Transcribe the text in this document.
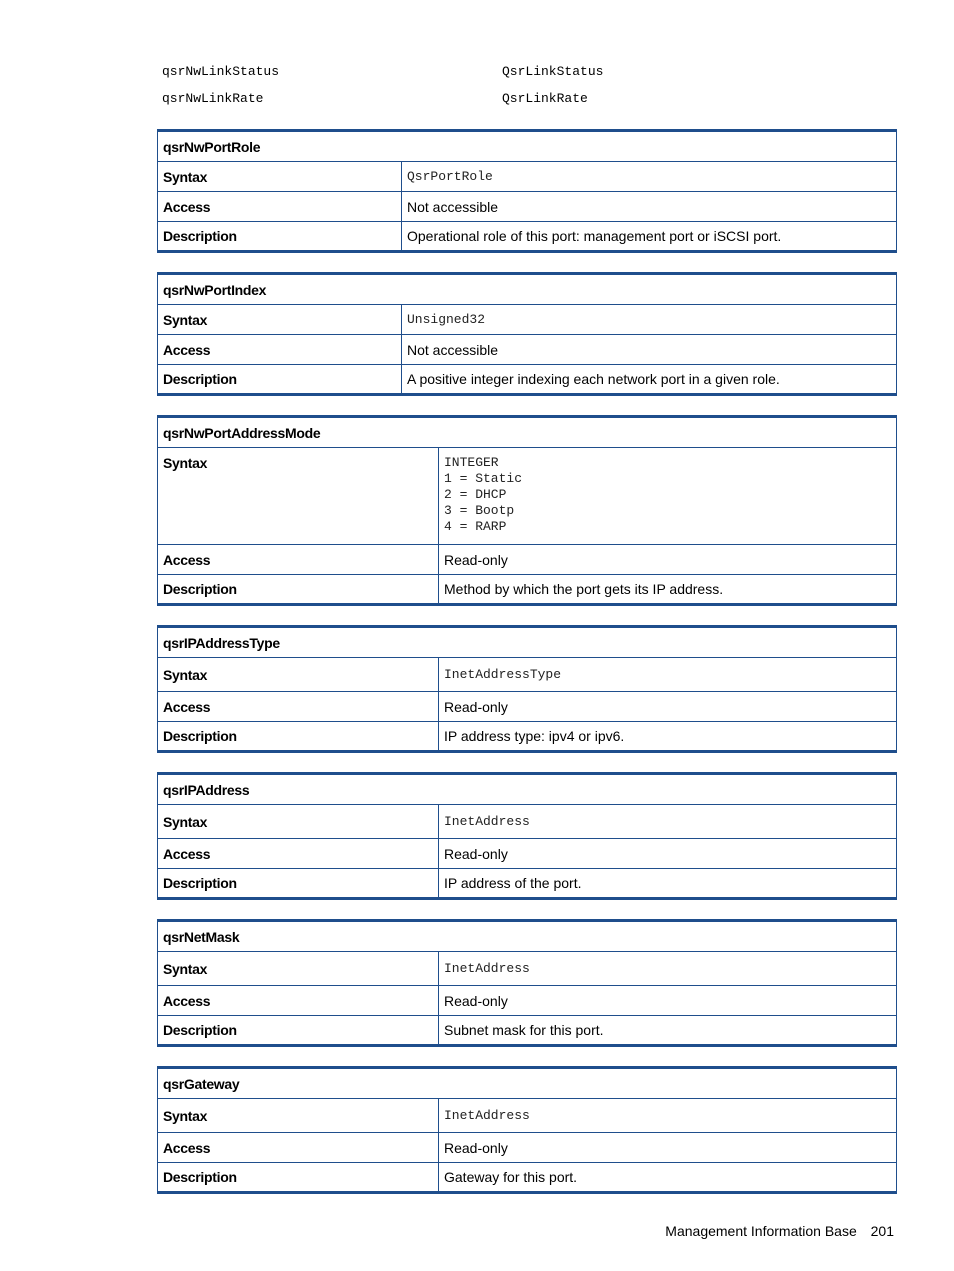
qsrNwLinkStatus	QsrLinkStatus
qsrNwLinkRate	QsrLinkRate
qsrNwPortRole	
Syntax	QsrPortRole
Access	Not accessible
Description	Operational role of this port: management port or iSCSI port.
qsrNwPortIndex	
Syntax	Unsigned32
Access	Not accessible
Description	A positive integer indexing each network port in a given role.
qsrNwPortAddressMode	
Syntax	INTEGER
1 = Static
2 = DHCP
3 = Bootp
4 = RARP

Access	Read-only
Description	Method by which the port gets its IP address.
qsrIPAddressType	
Syntax	InetAddressType
Access	Read-only
Description	IP address type: ipv4 or ipv6.
qsrIPAddress	
Syntax	InetAddress
Access	Read-only
Description	IP address of the port.
qsrNetMask	
Syntax	InetAddress
Access	Read-only
Description	Subnet mask for this port.
qsrGateway	
Syntax	InetAddress
Access	Read-only
Description	Gateway for this port.
Management Information Base 201
